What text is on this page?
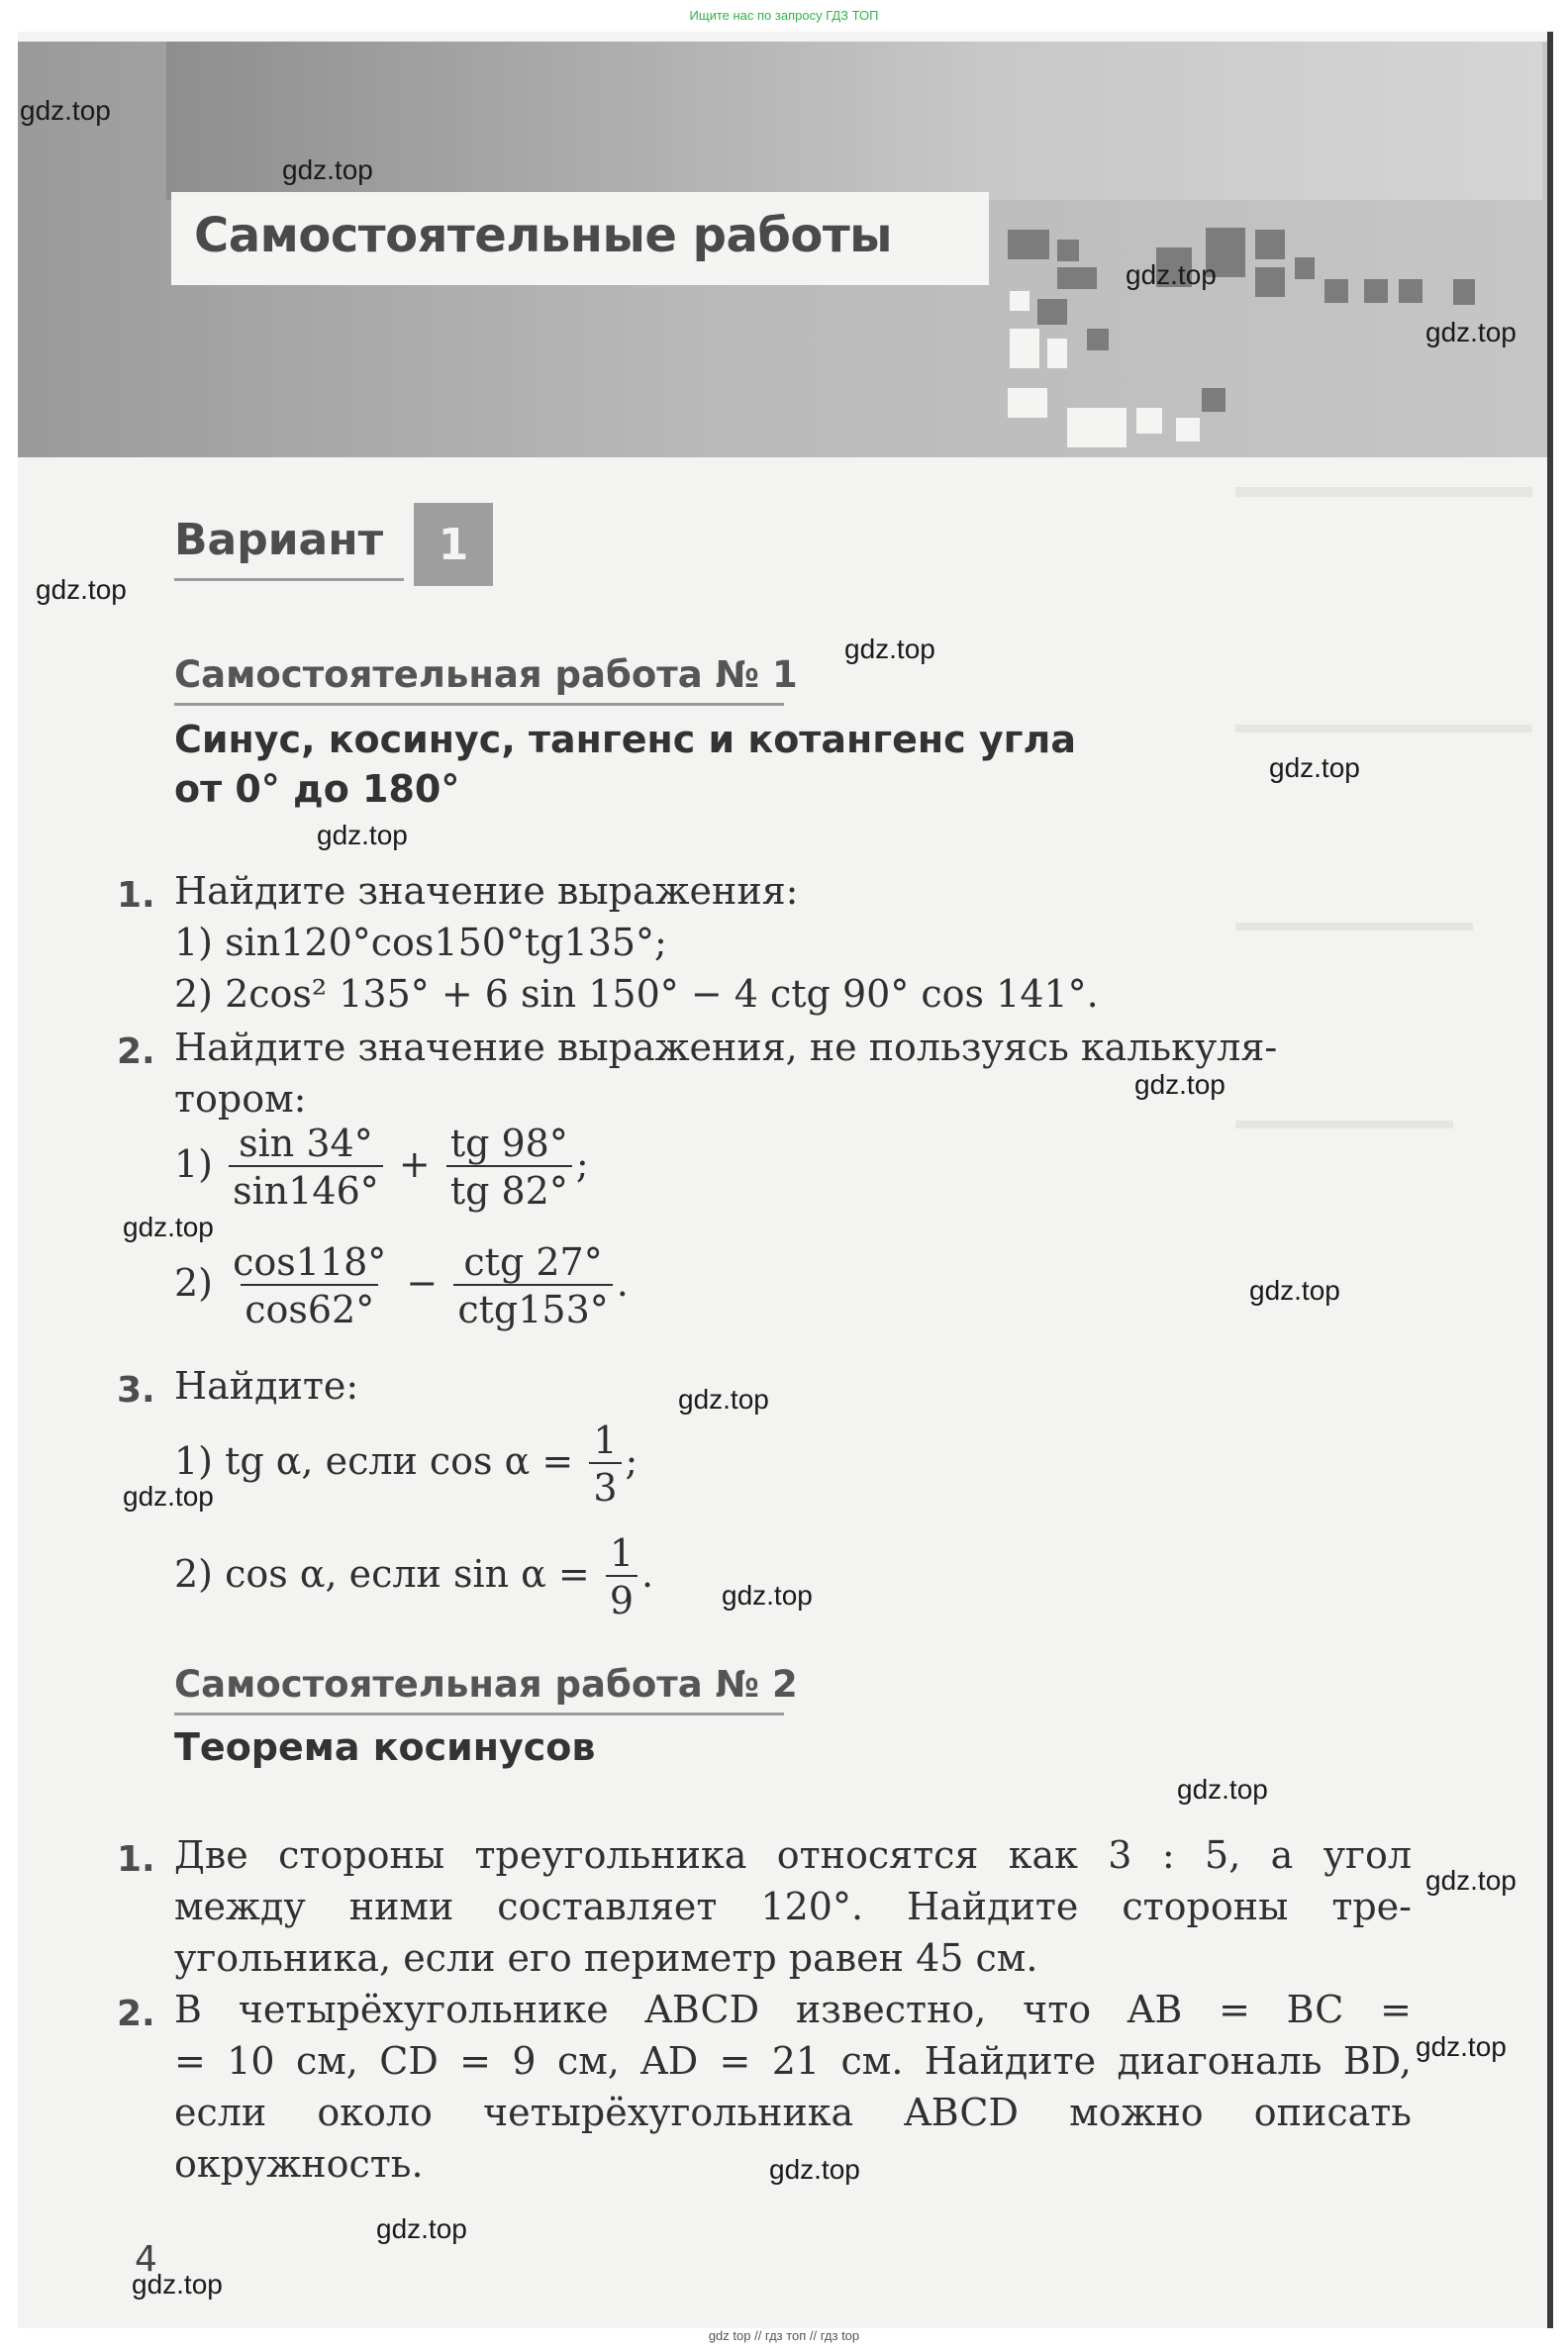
Ищите нас по запросу ГДЗ ТОП
Самостоятельные работы
Вариант	1
Самостоятельная работа № 1
Синус, косинус, тангенс и котангенс угла
от 0° до 180°
1. Найдите значение выражения:
1) sin120°cos150°tg135°;
2) 2cos² 135° + 6 sin 150° − 4 ctg 90° cos 141°.
2. Найдите значение выражения, не пользуясь калькуля-
тором:
$1) \frac{\sin 34^\circ}{\sin 146^\circ} + \frac{tg 98^\circ}{tg 82^\circ}$ ;
$2) \frac{\cos 118^\circ}{\cos 62^\circ} - \frac{\text{ctg 27°}}{\text{ctg153°}}$ .
3. Найдите:
1) tg α, если $\cos \alpha = \frac{1}{3}$ ;
2) cos α, если $\sin \alpha = \frac{1}{9}$ .
Самостоятельная работа № 2
Теорема косинусов
1. Две стороны треугольника относятся как 3 : 5, а угол
между ними составляет 120°. Найдите стороны тре-
угольника, если его периметр равен 45 см.
2. В четырёхугольнике ABCD известно, что AB = BC =
= 10 см, CD = 9 см, AD = 21 см. Найдите диагональ BD,
если около четырёхугольника ABCD можно описать
окружность.
4
gdz.top
gdz.top
gdz.top
gdz.top
gdz.top
gdz.top
gdz.top
gdz.top
gdz.top
gdz.top
gdz.top
gdz.top
gdz.top
gdz.top
gdz.top
gdz.top
gdz.top
gdz.top
gdz.top
gdz.top
gdz top // гдз топ // гдз top
